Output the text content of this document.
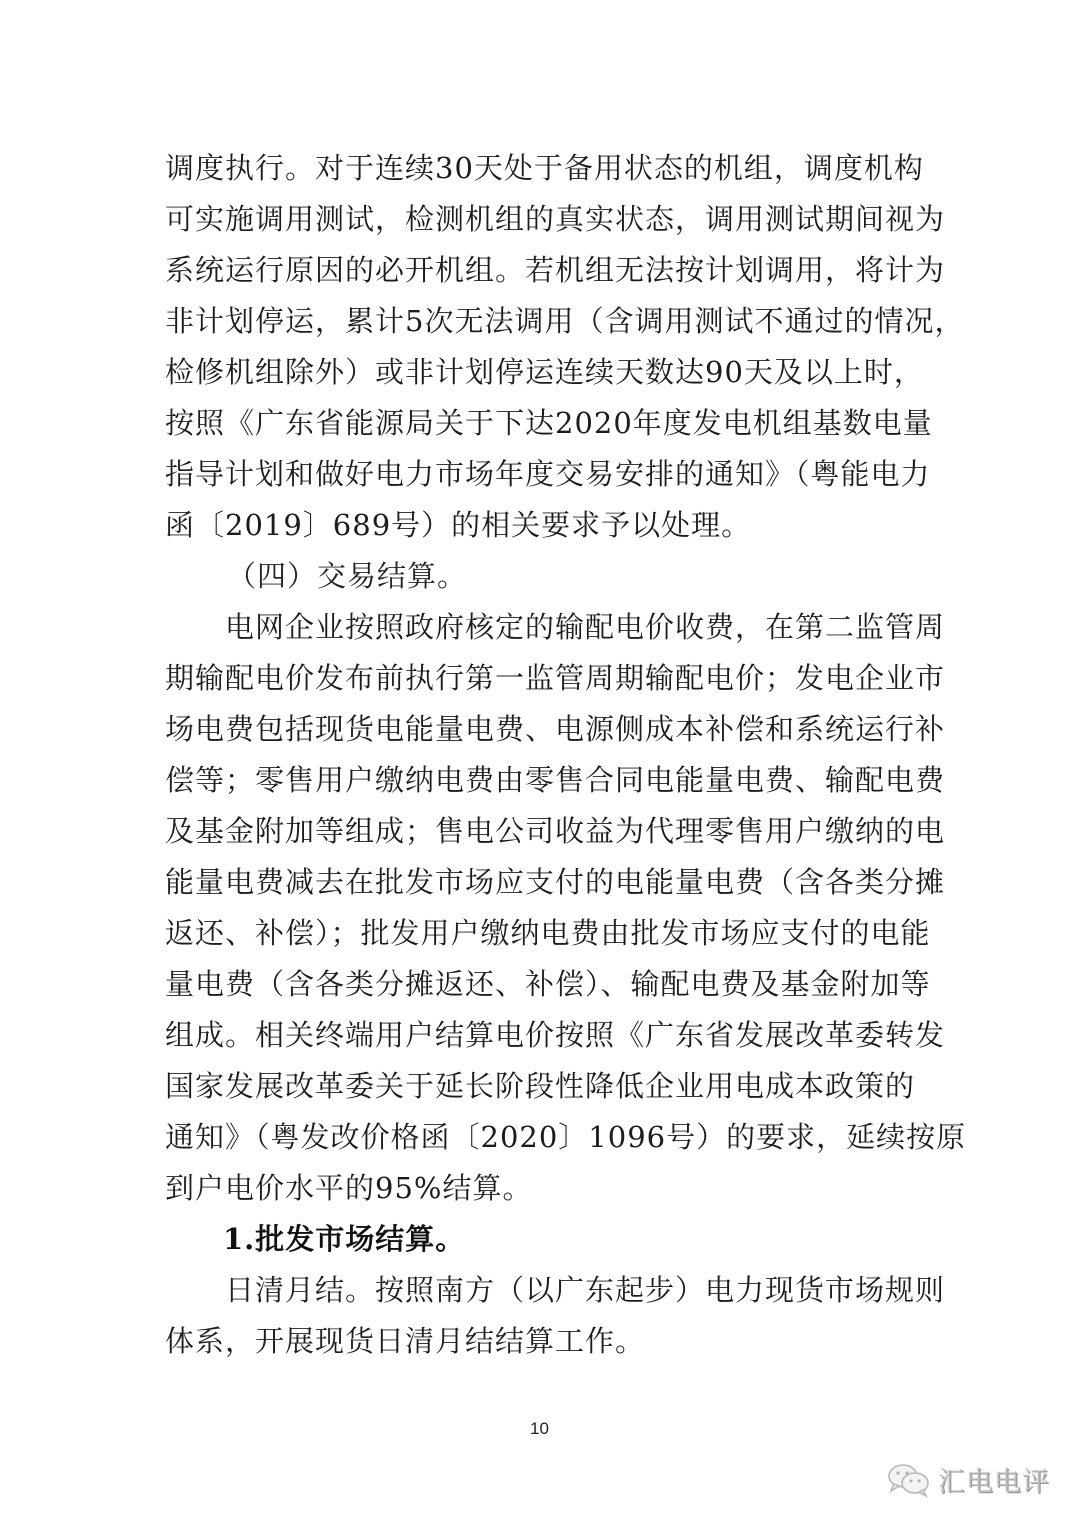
调度执行。对于连续30天处于备用状态的机组，调度机构
可实施调用测试，检测机组的真实状态，调用测试期间视为
系统运行原因的必开机组。若机组无法按计划调用，将计为
非计划停运，累计5次无法调用（含调用测试不通过的情况，
检修机组除外）或非计划停运连续天数达90天及以上时，
按照《广东省能源局关于下达2020年度发电机组基数电量
指导计划和做好电力市场年度交易安排的通知》（粤能电力
函〔2019〕689号）的相关要求予以处理。

（四）交易结算。

电网企业按照政府核定的输配电价收费，在第二监管周
期输配电价发布前执行第一监管周期输配电价；发电企业市
场电费包括现货电能量电费、电源侧成本补偿和系统运行补
偿等；零售用户缴纳电费由零售合同电能量电费、输配电费
及基金附加等组成；售电公司收益为代理零售用户缴纳的电
能量电费减去在批发市场应支付的电能量电费（含各类分摊
返还、补偿）；批发用户缴纳电费由批发市场应支付的电能
量电费（含各类分摊返还、补偿）、输配电费及基金附加等
组成。相关终端用户结算电价按照《广东省发展改革委转发
国家发展改革委关于延长阶段性降低企业用电成本政策的
通知》（粤发改价格函〔2020〕1096号）的要求，延续按原
到户电价水平的95%结算。

1.批发市场结算。

日清月结。按照南方（以广东起步）电力现货市场规则
体系，开展现货日清月结结算工作。

10
汇电电评
